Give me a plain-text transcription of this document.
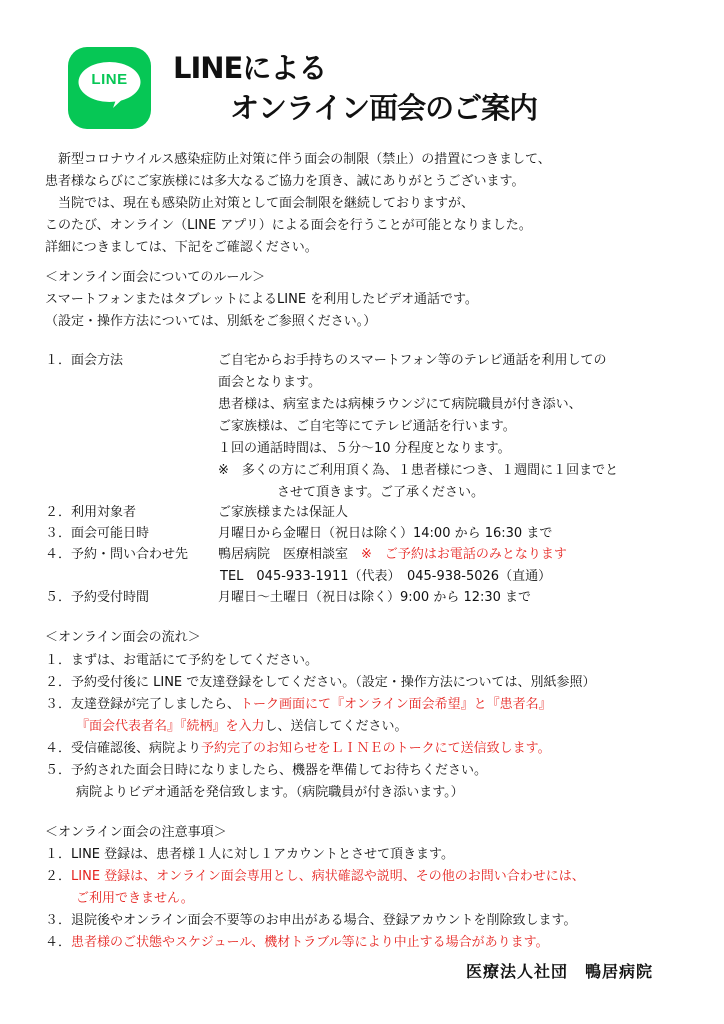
LINE	LINEによる
オンライン面会のご案内
新型コロナウイルス感染症防止対策に伴う面会の制限（禁止）の措置につきまして、
患者様ならびにご家族様には多大なるご協力を頂き、誠にありがとうございます。
当院では、現在も感染防止対策として面会制限を継続しておりますが、
このたび、オンライン（LINE アプリ）による面会を行うことが可能となりました。
詳細につきましては、下記をご確認ください。
＜オンライン面会についてのルール＞
スマートフォンまたはタブレットによるLINE を利用したビデオ通話です。
（設定・操作方法については、別紙をご参照ください。）
１．面会方法	ご自宅からお手持ちのスマートフォン等のテレビ通話を利用しての
面会となります。
患者様は、病室または病棟ラウンジにて病院職員が付き添い、
ご家族様は、ご自宅等にてテレビ通話を行います。
１回の通話時間は、５分～10 分程度となります。
※　多くの方にご利用頂く為、１患者様につき、１週間に１回までと
させて頂きます。ご了承ください。
２．利用対象者	ご家族様または保証人
３．面会可能日時	月曜日から金曜日（祝日は除く）14:00 から 16:30 まで
４．予約・問い合わせ先 鴨居病院　医療相談室　 ※　ご予約はお電話のみとなります
TEL　045-933-1911（代表）　045-938-5026（直通）
５．予約受付時間	月曜日～土曜日（祝日は除く）9:00 から 12:30 まで
＜オンライン面会の流れ＞
１．まずは、お電話にて予約をしてください。
２．予約受付後に LINE で友達登録をしてください。（設定・操作方法については、別紙参照）
３．友達登録が完了しましたら、トーク画面にて『オンライン面会希望』と『患者名』
『面会代表者名』『続柄』を入力し、送信してください。
４．受信確認後、病院より予約完了のお知らせをＬＩＮＥのトークにて送信致します。
５．予約された面会日時になりましたら、機器を準備してお待ちください。
病院よりビデオ通話を発信致します。（病院職員が付き添います。）
＜オンライン面会の注意事項＞
１．LINE 登録は、患者様１人に対し１アカウントとさせて頂きます。
２．LINE 登録は、オンライン面会専用とし、病状確認や説明、その他のお問い合わせには、
ご利用できません。
３．退院後やオンライン面会不要等のお申出がある場合、登録アカウントを削除致します。
４．患者様のご状態やスケジュール、機材トラブル等により中止する場合があります。
医療法人社団　鴨居病院
